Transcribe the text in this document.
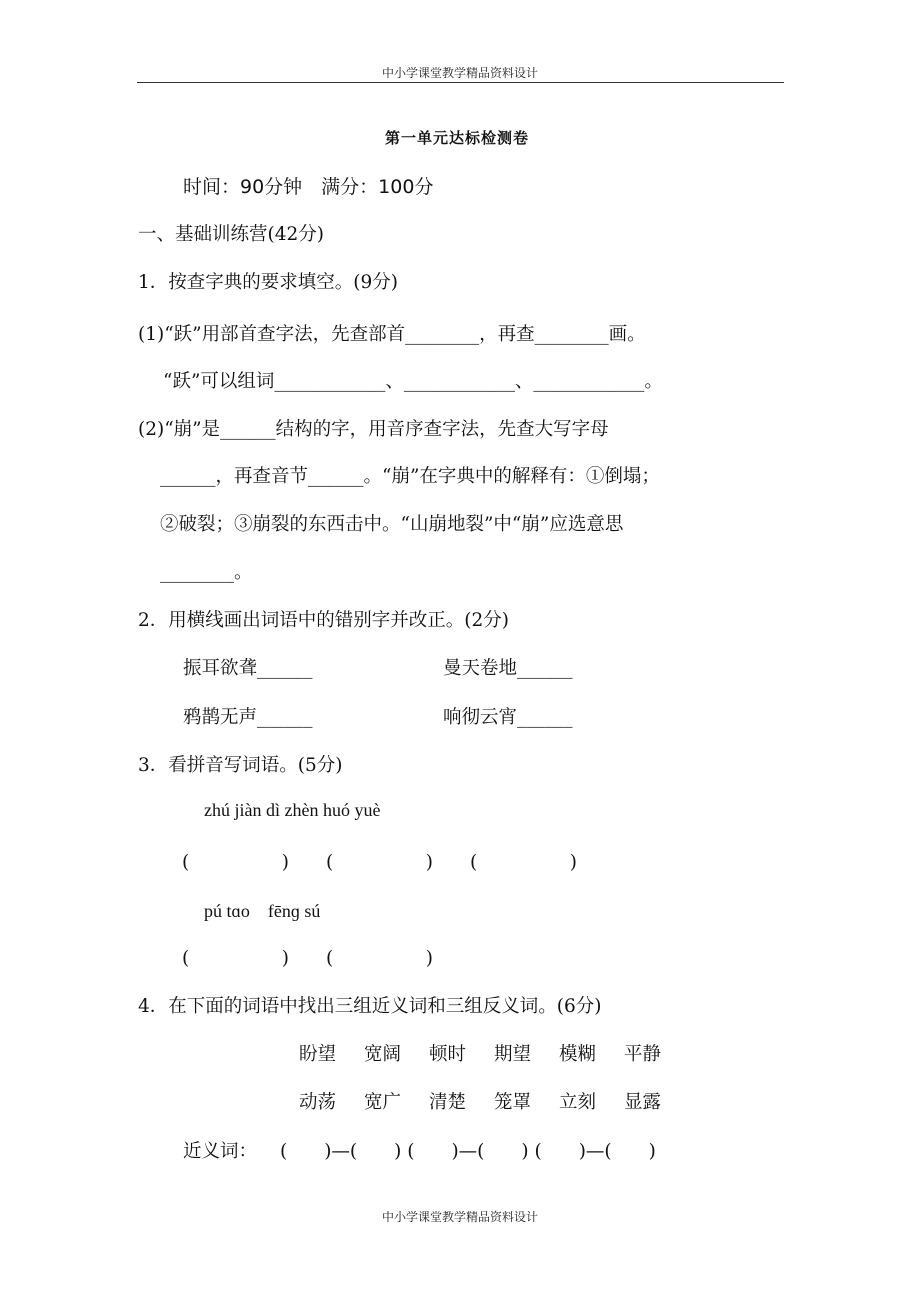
中小学课堂教学精品资料设计
第一单元达标检测卷
时间：90分钟　满分：100分
一、基础训练营(42分)
1．按查字典的要求填空。(9分)
(1)“跃”用部首查字法，先查部首________，再查________画。
“跃”可以组词____________、____________、____________。
(2)“崩”是______结构的字，用音序查字法，先查大写字母
______，再查音节______。“崩”在字典中的解释有：①倒塌；
②破裂；③崩裂的东西击中。“山崩地裂”中“崩”应选意思
________。
2．用横线画出词语中的错别字并改正。(2分)
振耳欲聋______	曼天卷地______
鸦鹊无声______	响彻云宵______
3．看拼音写词语。(5分)
zhú jiàn dì zhèn huó yuè
(　　　　　) (　　　　　) (　　　　　)
pú tɑo　fēnɡ sú
(　　　　　) (　　　　　)
4．在下面的词语中找出三组近义词和三组反义词。(6分)
盼望 宽阔 顿时 期望 模糊 平静
动荡 宽广 清楚 笼罩 立刻 显露
近义词： (　　)—(　　) (　　)—(　　) (　　)—(　　)
中小学课堂教学精品资料设计
